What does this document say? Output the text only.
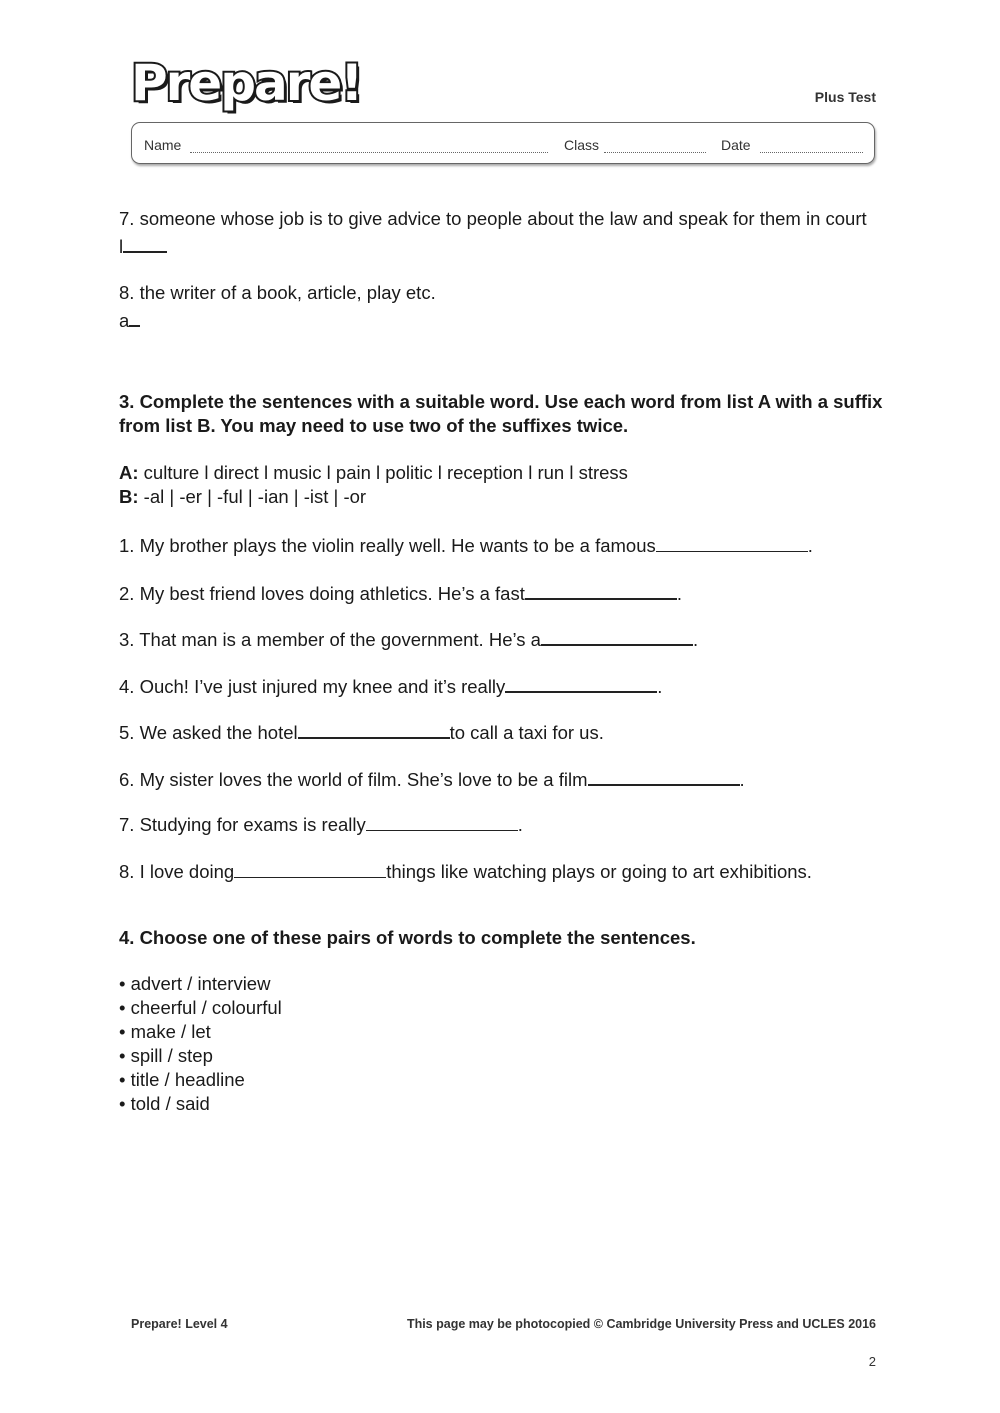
Prepare!	Plus Test
Name	Class	Date

7. someone whose job is to give advice to people about the law and speak for them in court

l

8. the writer of a book, article, play etc.

a

3. Complete the sentences with a suitable word. Use each word from list A with a suffix from list B. You may need to use two of the suffixes twice.

A: culture l direct l music l pain l politic l reception l run l stress

B: -al | -er | -ful | -ian | -ist | -or

1. My brother plays the violin really well. He wants to be a famous	.

2. My best friend loves doing athletics. He’s a fast	.

3. That man is a member of the government. He’s a	.

4. Ouch! I’ve just injured my knee and it’s really	.

5. We asked the hotel	to call a taxi for us.

6. My sister loves the world of film. She’s love to be a film	.

7. Studying for exams is really	.

8. I love doing	things like watching plays or going to art exhibitions.

4. Choose one of these pairs of words to complete the sentences.

• advert / interview

• cheerful / colourful

• make / let

• spill / step

• title / headline

• told / said

Prepare! Level 4	This page may be photocopied © Cambridge University Press and UCLES 2016
2
